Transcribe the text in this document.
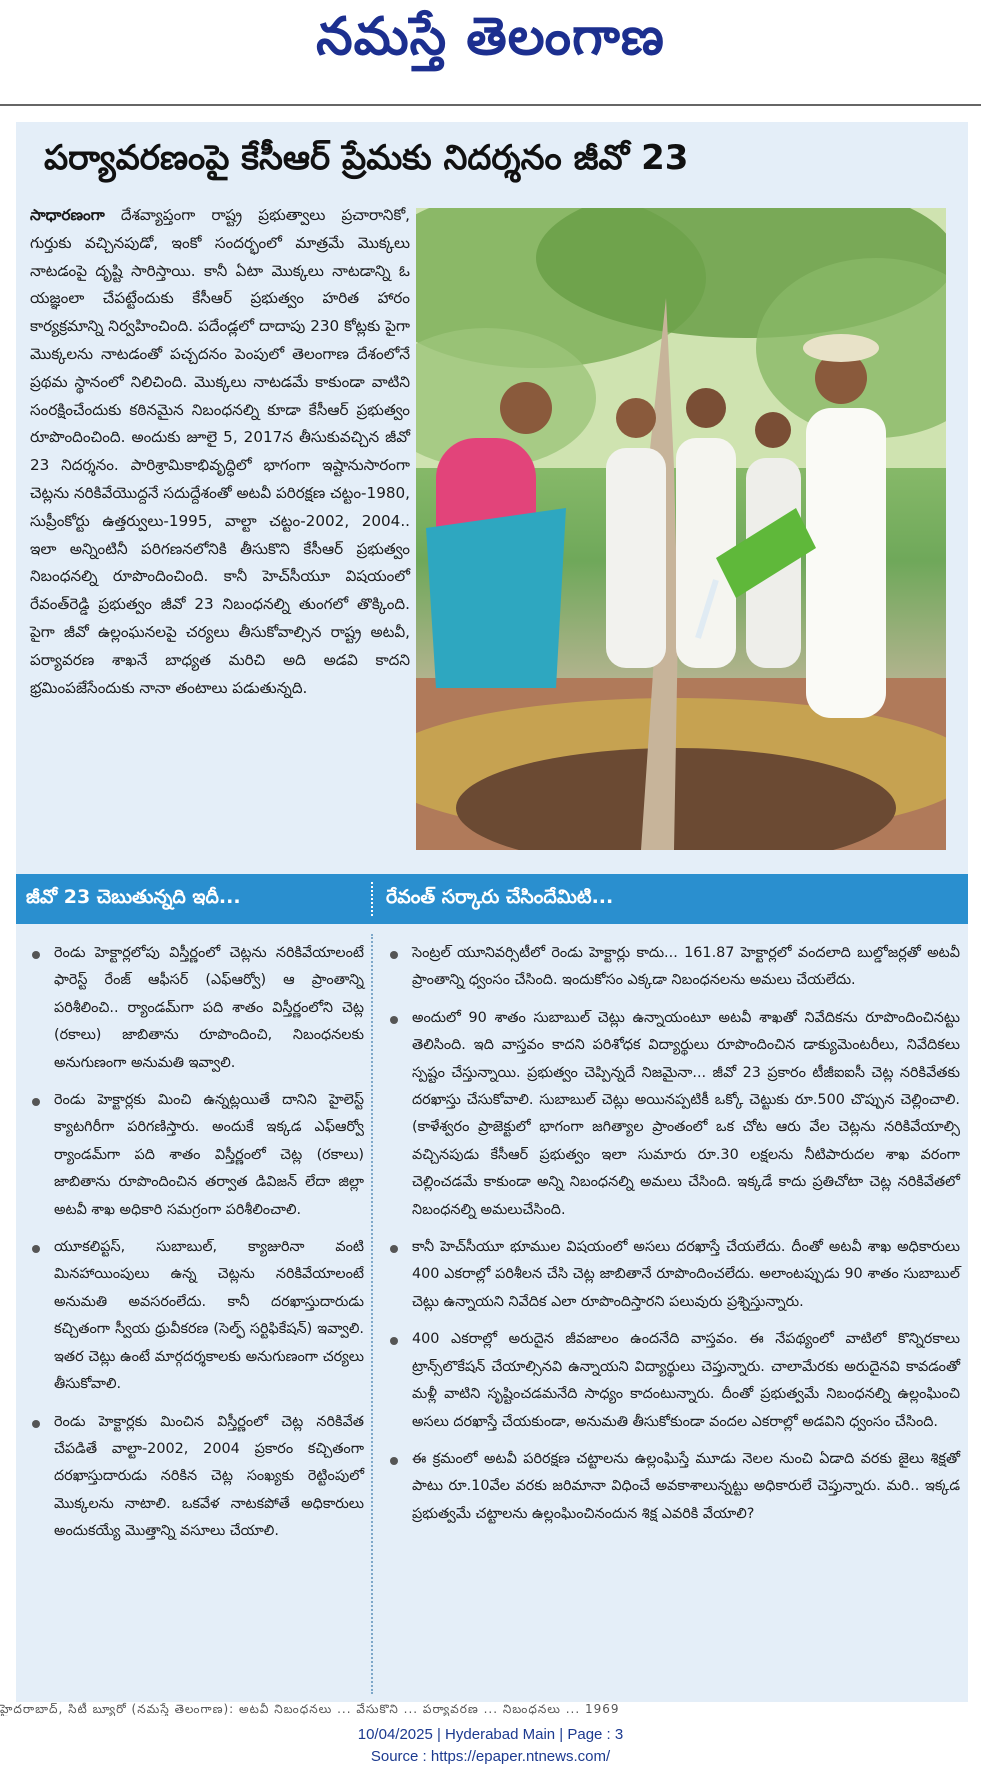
నమస్తే తెలంగాణ
పర్యావరణంపై కేసీఆర్‌ ప్రేమకు నిదర్శనం జీవో 23

సాధారణంగా దేశవ్యాప్తంగా రాష్ట్ర ప్రభుత్వాలు ప్రచారానికో, గుర్తుకు వచ్చినపుడో, ఇంకో సందర్భంలో మాత్రమే మొక్కలు నాటడంపై దృష్టి సారిస్తాయి. కానీ ఏటా మొక్కలు నాటడాన్ని ఓ యజ్ఞంలా చేపట్టేందుకు కేసీఆర్‌ ప్రభుత్వం హరిత హారం కార్యక్రమాన్ని నిర్వహించింది. పదేండ్లలో దాదాపు 230 కోట్లకు పైగా మొక్కలను నాటడంతో పచ్చదనం పెంపులో తెలంగాణ దేశంలోనే ప్రథమ స్థానంలో నిలిచింది. మొక్కలు నాటడమే కాకుండా వాటిని సంరక్షించేందుకు కఠినమైన నిబంధనల్ని కూడా కేసీఆర్‌ ప్రభుత్వం రూపొందించింది. అందుకు జూలై 5, 2017న తీసుకువచ్చిన జీవో 23 నిదర్శనం. పారిశ్రామికాభివృద్ధిలో భాగంగా ఇష్టానుసారంగా చెట్లను నరికివేయొద్దనే సదుద్దేశంతో అటవీ పరిరక్షణ చట్టం-1980, సుప్రీంకోర్టు ఉత్తర్వులు-1995, వాల్టా చట్టం-2002, 2004.. ఇలా అన్నింటినీ పరిగణనలోనికి తీసుకొని కేసీఆర్‌ ప్రభుత్వం నిబంధనల్ని రూపొందించింది. కానీ హెచ్‌సీయూ విషయంలో రేవంత్‌రెడ్డి ప్రభుత్వం జీవో 23 నిబంధనల్ని తుంగలో తొక్కింది. పైగా జీవో ఉల్లంఘనలపై చర్యలు తీసుకోవాల్సిన రాష్ట్ర అటవీ, పర్యావరణ శాఖనే బాధ్యత మరిచి అది అడవి కాదని భ్రమింపజేసేందుకు నానా తంటాలు పడుతున్నది.

జీవో 23 చెబుతున్నది ఇదీ...	రేవంత్‌ సర్కారు చేసిందేమిటి...
రెండు హెక్టార్లలోపు విస్తీర్ణంలో చెట్లను నరికివేయాలంటే ఫారెస్ట్‌ రేంజ్‌ ఆఫీసర్‌ (ఎఫ్‌ఆర్వో) ఆ ప్రాంతాన్ని పరిశీలించి.. ర్యాండమ్‌గా పది శాతం విస్తీర్ణంలోని చెట్ల (రకాలు) జాబితాను రూపొందించి, నిబంధనలకు అనుగుణంగా అనుమతి ఇవ్వాలి.
రెండు హెక్టార్లకు మించి ఉన్నట్లయితే దానిని హైలెస్ట్‌ క్యాటగిరీగా పరిగణిస్తారు. అందుకే ఇక్కడ ఎఫ్‌ఆర్వో ర్యాండమ్‌గా పది శాతం విస్తీర్ణంలో చెట్ల (రకాలు) జాబితాను రూపొందించిన తర్వాత డివిజన్‌ లేదా జిల్లా అటవీ శాఖ అధికారి సమగ్రంగా పరిశీలించాలి.
యూకలిప్టస్‌, సుబాబుల్‌, క్యాజురినా వంటి మినహాయింపులు ఉన్న చెట్లను నరికివేయాలంటే అనుమతి అవసరంలేదు. కానీ దరఖాస్తుదారుడు కచ్చితంగా స్వీయ ధ్రువీకరణ (సెల్ఫ్‌ సర్టిఫికేషన్‌) ఇవ్వాలి. ఇతర చెట్లు ఉంటే మార్గదర్శకాలకు అనుగుణంగా చర్యలు తీసుకోవాలి.
రెండు హెక్టార్లకు మించిన విస్తీర్ణంలో చెట్ల నరికివేత చేపడితే వాల్టా-2002, 2004 ప్రకారం కచ్చితంగా దరఖాస్తుదారుడు నరికిన చెట్ల సంఖ్యకు రెట్టింపులో మొక్కలను నాటాలి. ఒకవేళ నాటకపోతే అధికారులు అందుకయ్యే మొత్తాన్ని వసూలు చేయాలి.
సెంట్రల్‌ యూనివర్సిటీలో రెండు హెక్టార్లు కాదు... 161.87 హెక్టార్లలో వందలాది బుల్డోజర్లతో అటవీ ప్రాంతాన్ని ధ్వంసం చేసింది. ఇందుకోసం ఎక్కడా నిబంధనలను అమలు చేయలేదు.
అందులో 90 శాతం సుబాబుల్‌ చెట్లు ఉన్నాయంటూ అటవీ శాఖతో నివేదికను రూపొందించినట్టు తెలిసింది. ఇది వాస్తవం కాదని పరిశోధక విద్యార్థులు రూపొందించిన డాక్యుమెంటరీలు, నివేదికలు స్పష్టం చేస్తున్నాయి. ప్రభుత్వం చెప్పిన్నదే నిజమైనా... జీవో 23 ప్రకారం టీజీఐఐసీ చెట్ల నరికివేతకు దరఖాస్తు చేసుకోవాలి. సుబాబుల్‌ చెట్లు అయినప్పటికీ ఒక్కో చెట్టుకు రూ.500 చొప్పున చెల్లించాలి. (కాళేశ్వరం ప్రాజెక్టులో భాగంగా జగిత్యాల ప్రాంతంలో ఒక చోట ఆరు వేల చెట్లను నరికివేయాల్సి వచ్చినపుడు కేసీఆర్‌ ప్రభుత్వం ఇలా సుమారు రూ.30 లక్షలను నీటిపారుదల శాఖ వరంగా చెల్లించడమే కాకుండా అన్ని నిబంధనల్ని అమలు చేసింది. ఇక్కడే కాదు ప్రతిచోటా చెట్ల నరికివేతలో నిబంధనల్ని అమలుచేసింది.
కానీ హెచ్‌సీయూ భూముల విషయంలో అసలు దరఖాస్తే చేయలేదు. దీంతో అటవీ శాఖ అధికారులు 400 ఎకరాల్లో పరిశీలన చేసి చెట్ల జాబితానే రూపొందించలేదు. అలాంటప్పుడు 90 శాతం సుబాబుల్‌ చెట్లు ఉన్నాయని నివేదిక ఎలా రూపొందిస్తారని పలువురు ప్రశ్నిస్తున్నారు.
400 ఎకరాల్లో అరుదైన జీవజాలం ఉందనేది వాస్తవం. ఈ నేపథ్యంలో వాటిలో కొన్నిరకాలు ట్రాన్స్‌లొకేషన్‌ చేయాల్సినవి ఉన్నాయని విద్యార్థులు చెప్తున్నారు. చాలామేరకు అరుదైనవి కావడంతో మళ్లీ వాటిని సృష్టించడమనేది సాధ్యం కాదంటున్నారు. దీంతో ప్రభుత్వమే నిబంధనల్ని ఉల్లంఘించి అసలు దరఖాస్తే చేయకుండా, అనుమతి తీసుకోకుండా వందల ఎకరాల్లో అడవిని ధ్వంసం చేసింది.
ఈ క్రమంలో అటవీ పరిరక్షణ చట్టాలను ఉల్లంఘిస్తే మూడు నెలల నుంచి ఏడాది వరకు జైలు శిక్షతో పాటు రూ.10వేల వరకు జరిమానా విధించే అవకాశాలున్నట్టు అధికారులే చెప్తున్నారు. మరి.. ఇక్కడ ప్రభుత్వమే చట్టాలను ఉల్లంఘించినందున శిక్ష ఎవరికి వేయాలి?
హైదరాబాద్‌, సిటీ బ్యూరో (నమస్తే తెలంగాణ): అటవీ నిబంధనలు ... వేసుకొని ... పర్యావరణ ... నిబంధనలు ... 1969
10/04/2025 | Hyderabad Main | Page : 3
Source : https://epaper.ntnews.com/
